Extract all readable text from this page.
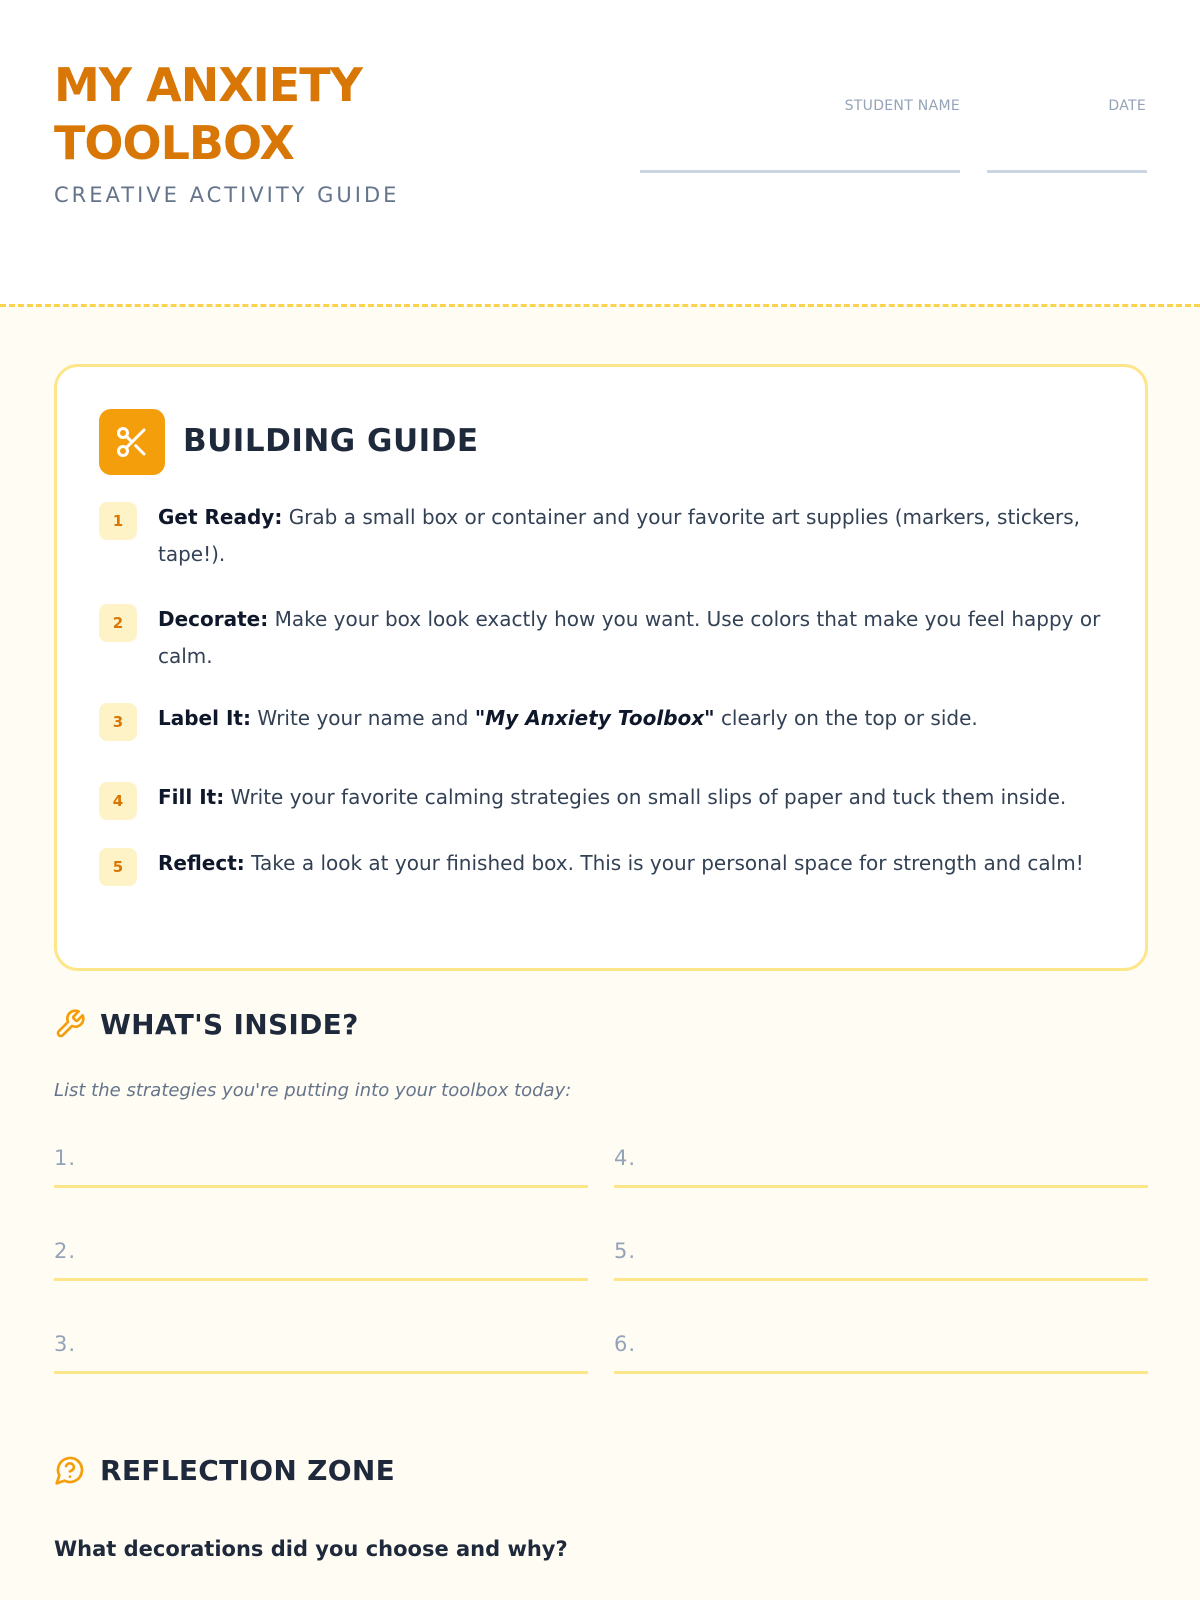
MY ANXIETY TOOLBOX
CREATIVE ACTIVITY GUIDE
STUDENT NAME	DATE
BUILDING GUIDE
1	Get Ready: Grab a small box or container and your favorite art supplies (markers, stickers, tape!).
2	Decorate: Make your box look exactly how you want. Use colors that make you feel happy or calm.
3	Label It: Write your name and "My Anxiety Toolbox" clearly on the top or side.
4	Fill It: Write your favorite calming strategies on small slips of paper and tuck them inside.
5	Reflect: Take a look at your finished box. This is your personal space for strength and calm!
WHAT'S INSIDE?
List the strategies you're putting into your toolbox today:
1.
2.
3.
4.
5.
6.
REFLECTION ZONE
What decorations did you choose and why?
